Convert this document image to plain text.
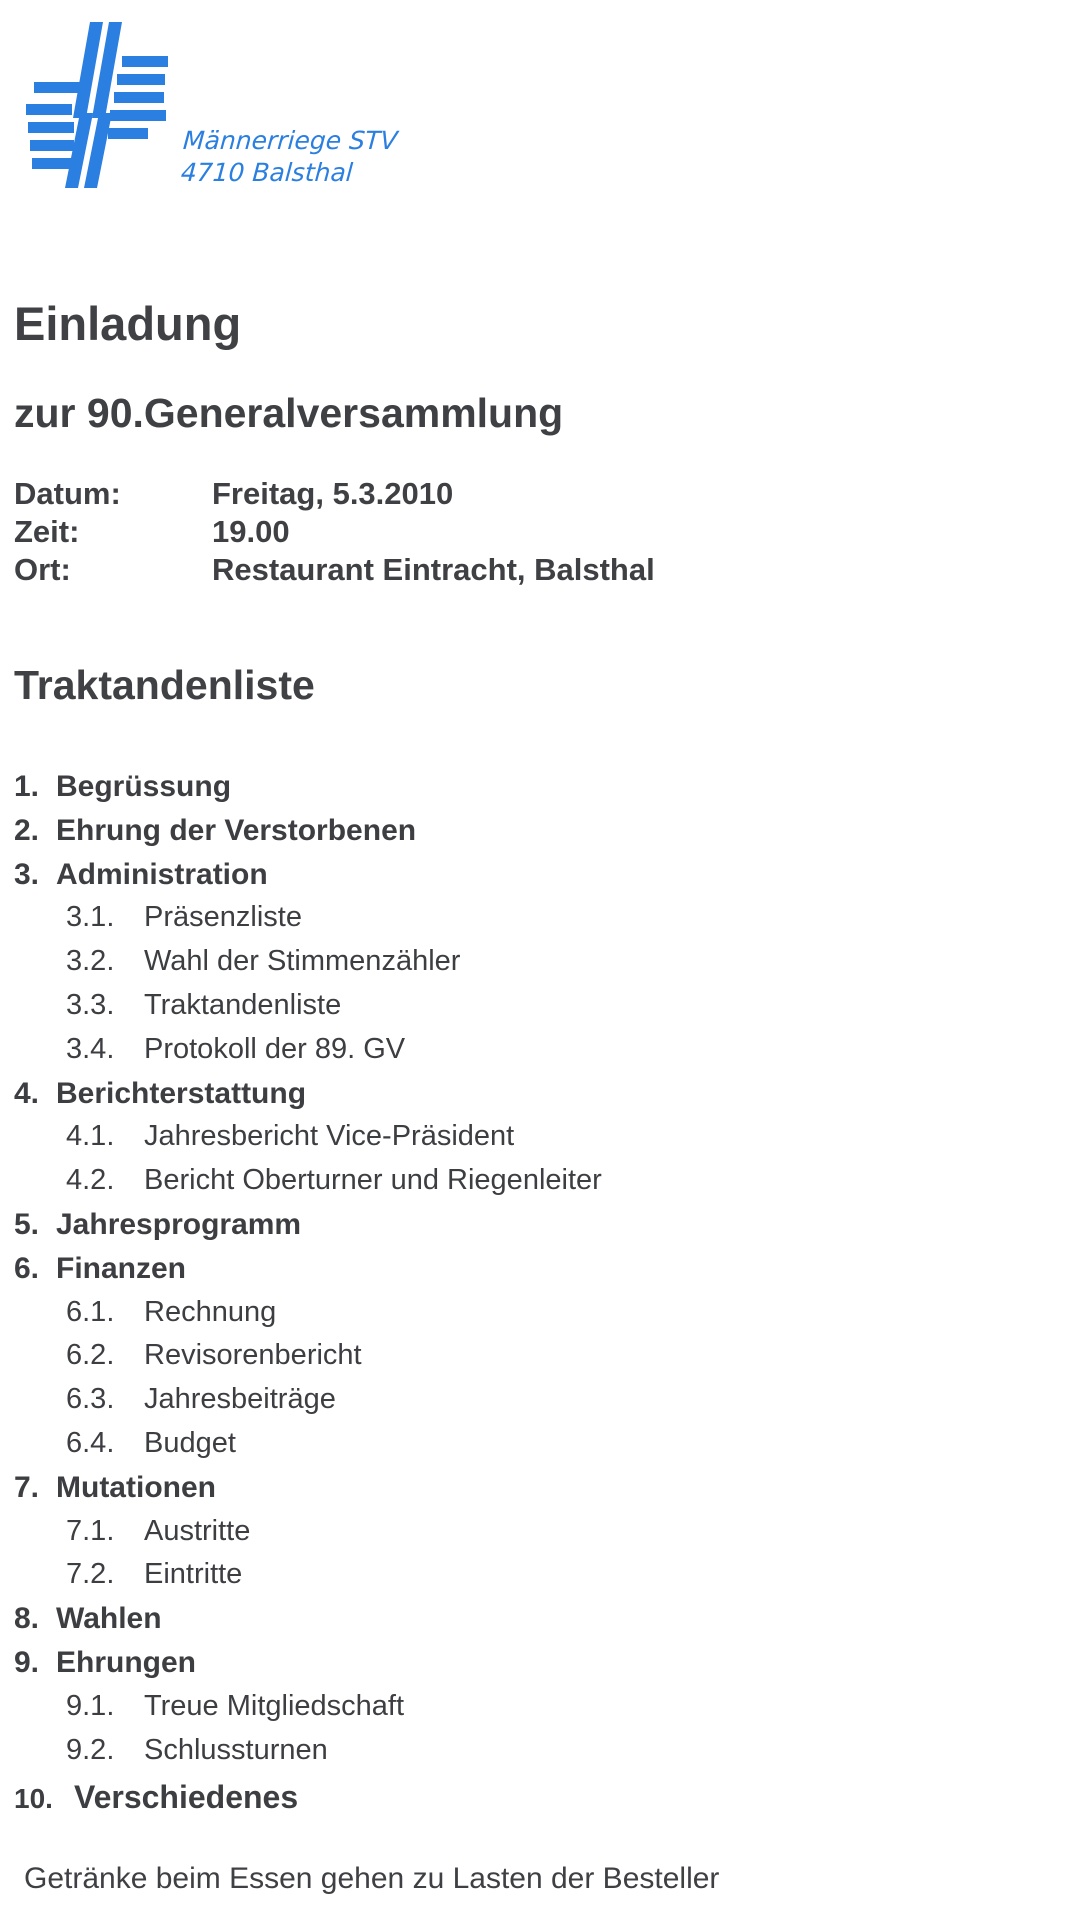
Männerriege STV
4710 Balsthal
Einladung
zur 90.Generalversammlung
Datum:	Freitag, 5.3.2010
Zeit:	19.00
Ort:	Restaurant Eintracht, Balsthal
Traktandenliste
1. Begrüssung
2. Ehrung der Verstorbenen
3. Administration
3.1. Präsenzliste
3.2. Wahl der Stimmenzähler
3.3. Traktandenliste
3.4. Protokoll der 89. GV
4. Berichterstattung
4.1. Jahresbericht Vice-Präsident
4.2. Bericht Oberturner und Riegenleiter
5. Jahresprogramm
6. Finanzen
6.1. Rechnung
6.2. Revisorenbericht
6.3. Jahresbeiträge
6.4. Budget
7. Mutationen
7.1. Austritte
7.2. Eintritte
8. Wahlen
9. Ehrungen
9.1. Treue Mitgliedschaft
9.2. Schlussturnen
10. Verschiedenes
Getränke beim Essen gehen zu Lasten der Besteller
